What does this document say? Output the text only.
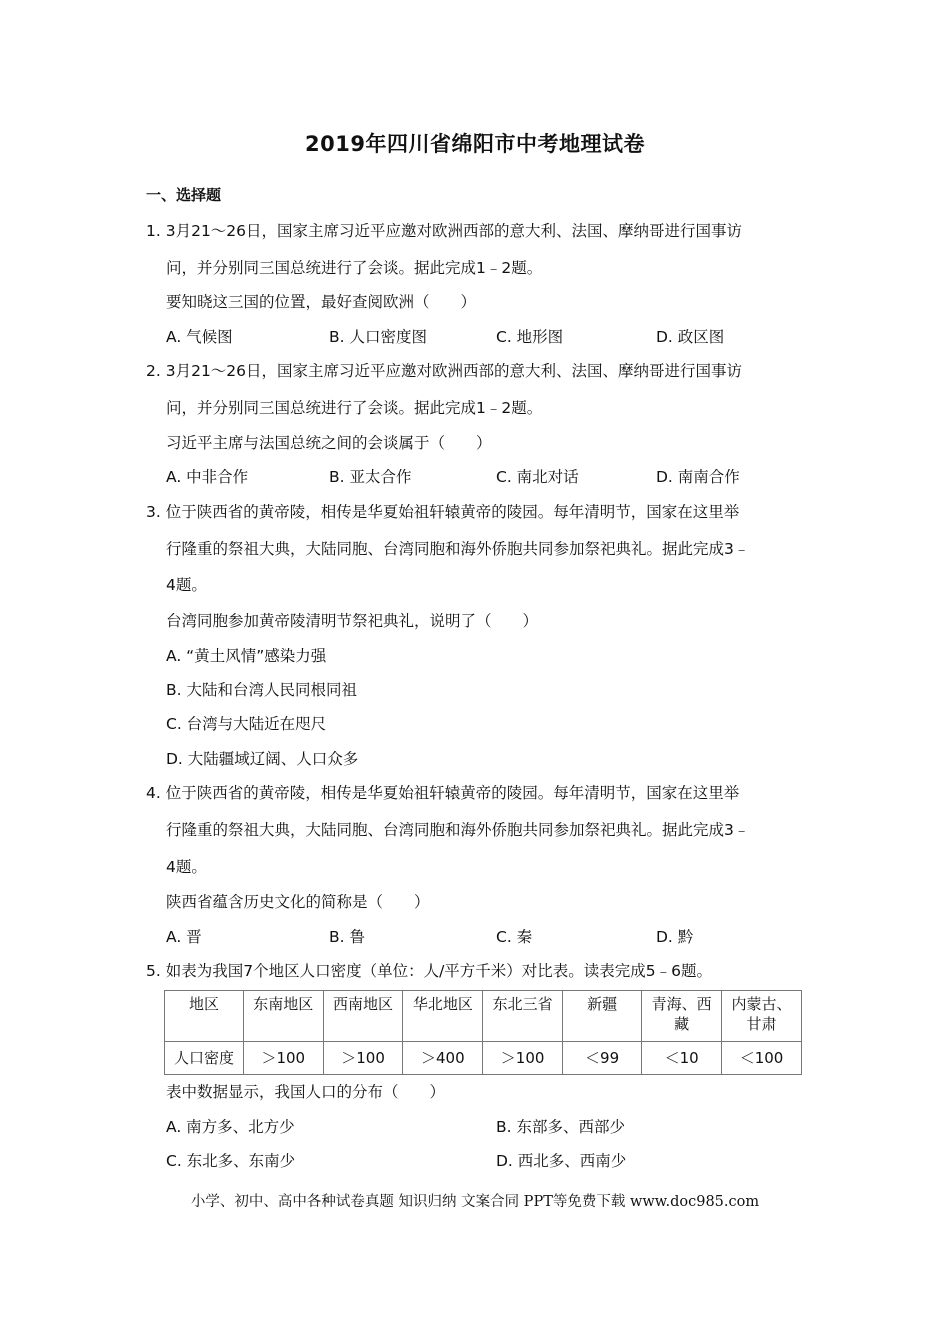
2019年四川省绵阳市中考地理试卷
一、选择题
1. 3月21～26日，国家主席习近平应邀对欧洲西部的意大利、法国、摩纳哥进行国事访
问，并分别同三国总统进行了会谈。据此完成1﹣2题。
要知晓这三国的位置，最好查阅欧洲（　　）
A. 气候图	B. 人口密度图	C. 地形图	D. 政区图
2. 3月21～26日，国家主席习近平应邀对欧洲西部的意大利、法国、摩纳哥进行国事访
问，并分别同三国总统进行了会谈。据此完成1﹣2题。
习近平主席与法国总统之间的会谈属于（　　）
A. 中非合作	B. 亚太合作	C. 南北对话	D. 南南合作
3. 位于陕西省的黄帝陵，相传是华夏始祖轩辕黄帝的陵园。每年清明节，国家在这里举
行隆重的祭祖大典，大陆同胞、台湾同胞和海外侨胞共同参加祭祀典礼。据此完成3﹣
4题。
台湾同胞参加黄帝陵清明节祭祀典礼，说明了（　　）
A. “黄土风情”感染力强
B. 大陆和台湾人民同根同祖
C. 台湾与大陆近在咫尺
D. 大陆疆域辽阔、人口众多
4. 位于陕西省的黄帝陵，相传是华夏始祖轩辕黄帝的陵园。每年清明节，国家在这里举
行隆重的祭祖大典，大陆同胞、台湾同胞和海外侨胞共同参加祭祀典礼。据此完成3﹣
4题。
陕西省蕴含历史文化的简称是（　　）
A. 晋	B. 鲁	C. 秦	D. 黔
5. 如表为我国7个地区人口密度（单位：人/平方千米）对比表。读表完成5﹣6题。
地区	东南地区	西南地区	华北地区	东北三省	新疆	青海、西藏	内蒙古、甘肃
人口密度	＞100	＞100	＞400	＞100	＜99	＜10	＜100
表中数据显示，我国人口的分布（　　）
A. 南方多、北方少	B. 东部多、西部少
C. 东北多、东南少	D. 西北多、西南少
小学、初中、高中各种试卷真题 知识归纳 文案合同 PPT等免费下载 www.doc985.com
